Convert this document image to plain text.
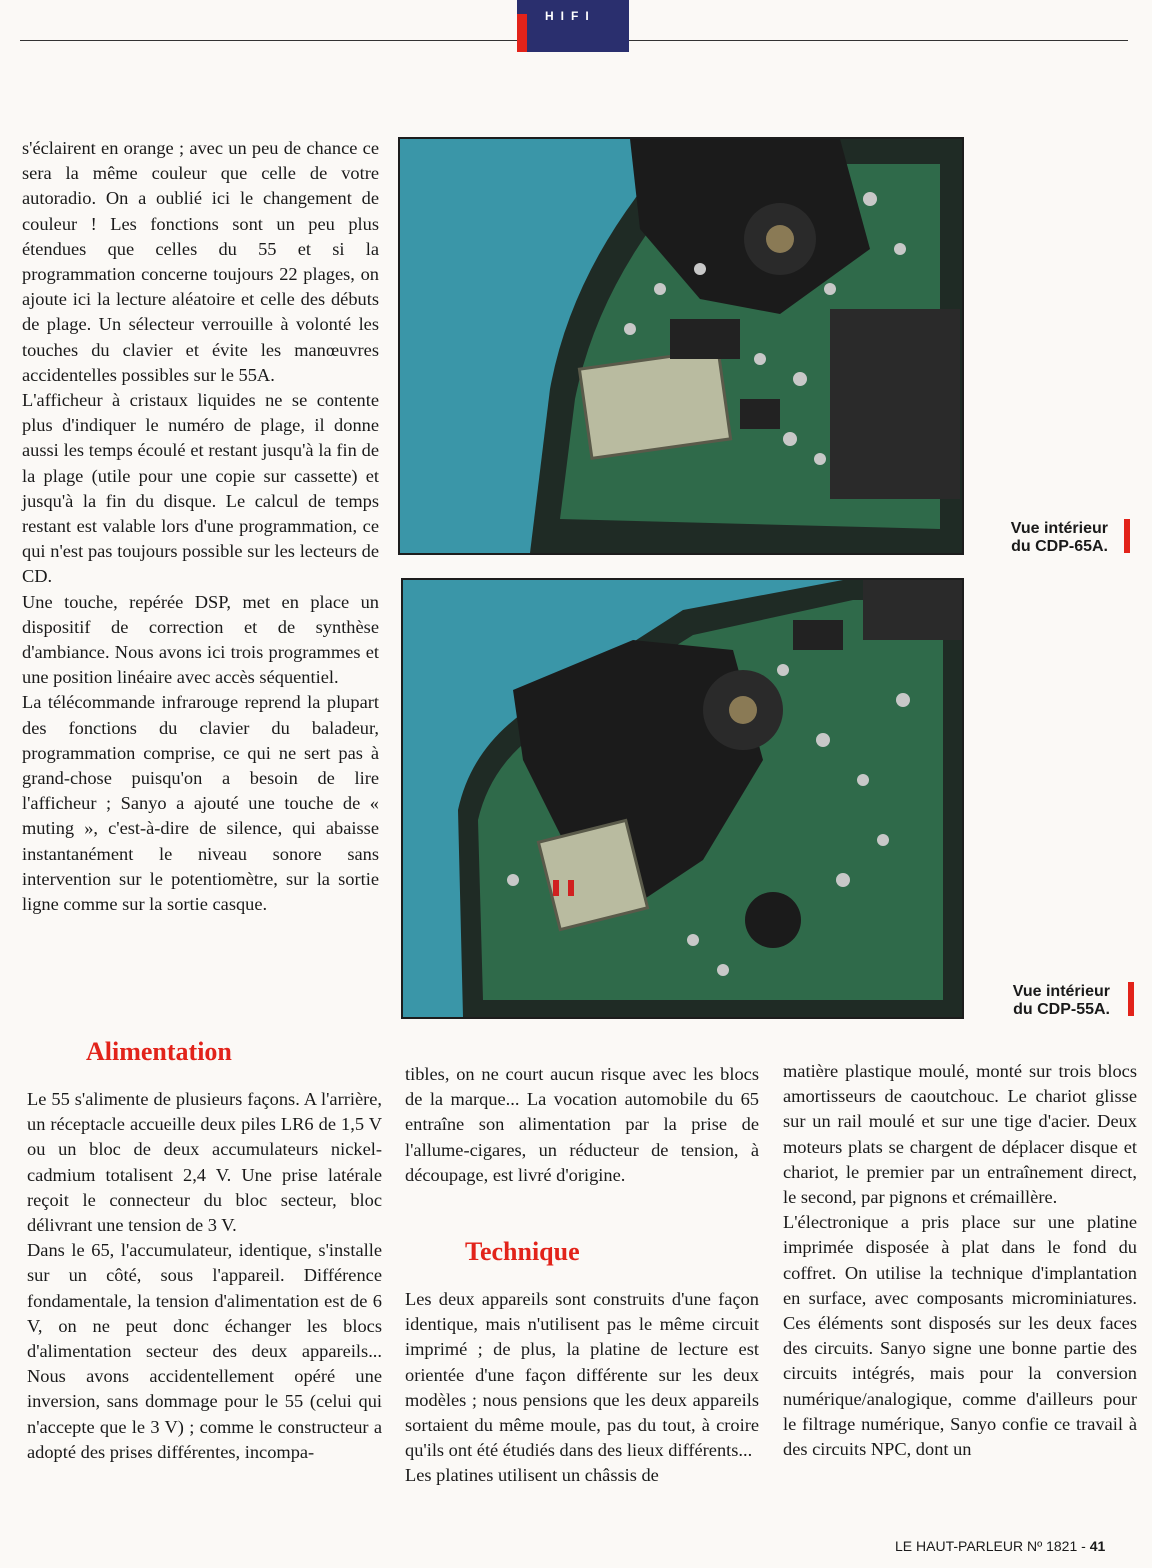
HIFI

s'éclairent en orange ; avec un peu de chance ce sera la même couleur que celle de votre autoradio. On a oublié ici le changement de couleur ! Les fonctions sont un peu plus étendues que celles du 55 et si la programmation concerne toujours 22 plages, on ajoute ici la lecture aléatoire et celle des débuts de plage. Un sélecteur verrouille à volonté les touches du clavier et évite les manœuvres accidentelles possibles sur le 55A.

L'afficheur à cristaux liquides ne se contente plus d'indiquer le numéro de plage, il donne aussi les temps écoulé et restant jusqu'à la fin de la plage (utile pour une copie sur cassette) et jusqu'à la fin du disque. Le calcul de temps restant est valable lors d'une programmation, ce qui n'est pas toujours possible sur les lecteurs de CD.

Une touche, repérée DSP, met en place un dispositif de correction et de synthèse d'ambiance. Nous avons ici trois programmes et une position linéaire avec accès séquentiel.

La télécommande infrarouge reprend la plupart des fonctions du clavier du baladeur, programmation comprise, ce qui ne sert pas à grand-chose puisqu'on a besoin de lire l'afficheur ; Sanyo a ajouté une touche de « muting », c'est-à-dire de silence, qui abaisse instantanément le niveau sonore sans intervention sur le potentiomètre, sur la sortie ligne comme sur la sortie casque.

Vue intérieur
du CDP-65A.
Vue intérieur
du CDP-55A.
Alimentation

Le 55 s'alimente de plusieurs façons. A l'arrière, un réceptacle accueille deux piles LR6 de 1,5 V ou un bloc de deux accumulateurs nickel-cadmium totalisent 2,4 V. Une prise latérale reçoit le connecteur du bloc secteur, bloc délivrant une tension de 3 V.

Dans le 65, l'accumulateur, identique, s'installe sur un côté, sous l'appareil. Différence fondamentale, la tension d'alimentation est de 6 V, on ne peut donc échanger les blocs d'alimentation secteur des deux appareils... Nous avons accidentellement opéré une inversion, sans dommage pour le 55 (celui qui n'accepte que le 3 V) ; comme le constructeur a adopté des prises différentes, incompa-

tibles, on ne court aucun risque avec les blocs de la marque... La vocation automobile du 65 entraîne son alimentation par la prise de l'allume-cigares, un réducteur de tension, à découpage, est livré d'origine.

Technique

Les deux appareils sont construits d'une façon identique, mais n'utilisent pas le même circuit imprimé ; de plus, la platine de lecture est orientée d'une façon différente sur les deux modèles ; nous pensions que les deux appareils sortaient du même moule, pas du tout, à croire qu'ils ont été étudiés dans des lieux différents...

Les platines utilisent un châssis de

matière plastique moulé, monté sur trois blocs amortisseurs de caoutchouc. Le chariot glisse sur un rail moulé et sur une tige d'acier. Deux moteurs plats se chargent de déplacer disque et chariot, le premier par un entraînement direct, le second, par pignons et crémaillère.

L'électronique a pris place sur une platine imprimée disposée à plat dans le fond du coffret. On utilise la technique d'implantation en surface, avec composants microminiatures. Ces éléments sont disposés sur les deux faces des circuits. Sanyo signe une bonne partie des circuits intégrés, mais pour la conversion numérique/analogique, comme d'ailleurs pour le filtrage numérique, Sanyo confie ce travail à des circuits NPC, dont un

LE HAUT-PARLEUR Nº 1821 - 41
